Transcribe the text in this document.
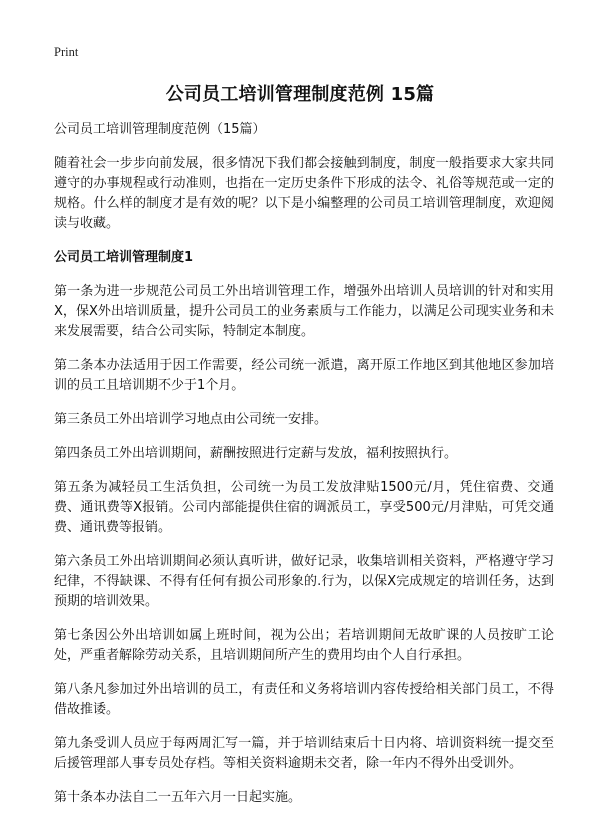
Print
公司员工培训管理制度范例 15篇
公司员工培训管理制度范例（15篇）

随着社会一步步向前发展，很多情况下我们都会接触到制度，制度一般指要求大家共同遵守的办事规程或行动准则，也指在一定历史条件下形成的法令、礼俗等规范或一定的规格。什么样的制度才是有效的呢？以下是小编整理的公司员工培训管理制度，欢迎阅读与收藏。

公司员工培训管理制度1

第一条为进一步规范公司员工外出培训管理工作，增强外出培训人员培训的针对和实用X，保X外出培训质量，提升公司员工的业务素质与工作能力，以满足公司现实业务和未来发展需要，结合公司实际，特制定本制度。

第二条本办法适用于因工作需要，经公司统一派遣，离开原工作地区到其他地区参加培训的员工且培训期不少于1个月。

第三条员工外出培训学习地点由公司统一安排。

第四条员工外出培训期间，薪酬按照进行定薪与发放，福利按照执行。

第五条为减轻员工生活负担，公司统一为员工发放津贴1500元/月，凭住宿费、交通费、通讯费等X报销。公司内部能提供住宿的调派员工，享受500元/月津贴，可凭交通费、通讯费等报销。

第六条员工外出培训期间必须认真听讲，做好记录，收集培训相关资料，严格遵守学习纪律，不得缺课、不得有任何有损公司形象的.行为，以保X完成规定的培训任务，达到预期的培训效果。

第七条因公外出培训如属上班时间，视为公出；若培训期间无故旷课的人员按旷工论处，严重者解除劳动关系，且培训期间所产生的费用均由个人自行承担。

第八条凡参加过外出培训的员工，有责任和义务将培训内容传授给相关部门员工，不得借故推诿。

第九条受训人员应于每两周汇写一篇，并于培训结束后十日内将、培训资料统一提交至后援管理部人事专员处存档。等相关资料逾期未交者，除一年内不得外出受训外。

第十条本办法自二一五年六月一日起实施。
